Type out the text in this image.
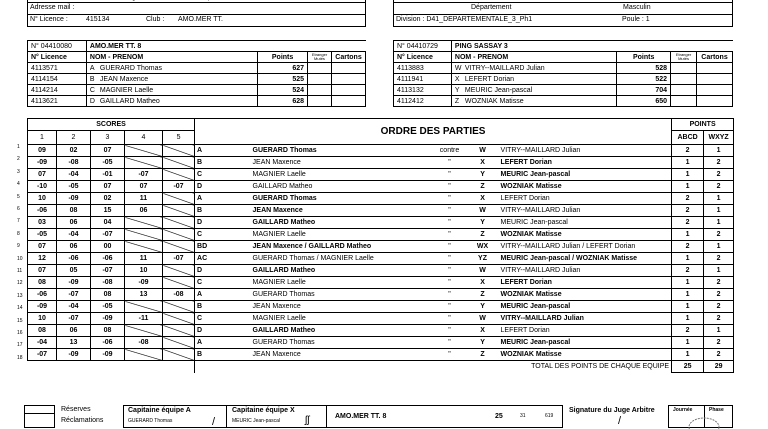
Adresse mail :
N° Licence :	415134	Club : AMO.MER TT.
Département	Masculin
Division : D41_DEPARTEMENTALE_3_Ph1	Poule : 1
N° 04410080	AMO.MER TT. 8			
N° Licence	NOM - PRENOM	Points	Etranger Mutés	Cartons
4113571	A GUERARD Thomas	627		
4114154	B JEAN Maxence	525		
4114214	C MAGNIER Laelle	524		
4113621	D GAILLARD Matheo	628		
N° 04410729	PING SASSAY 3			
N° Licence	NOM - PRENOM	Points	Etranger Mutés	Cartons
4113883	W VITRY--MAILLARD Julian	528		
4111941	X LEFERT Dorian	522		
4113132	Y MEURIC Jean-pascal	704		
4112412	Z WOZNIAK Matisse	650		
1
2
3
4
5
6
7
8
9
10
11
12
13
14
15
16
17
18
SCORES					ORDRE DES PARTIES					POINTS	
1	2	3	4	5						ABCD	WXYZ
09	02	07			A	GUERARD Thomas	contre	W	VITRY--MAILLARD Julian	2	1
-09	-08	-05			B	JEAN Maxence	"	X	LEFERT Dorian	1	2
07	-04	-01	-07		C	MAGNIER Laelle	"	Y	MEURIC Jean-pascal	1	2
-10	-05	07	07	-07	D	GAILLARD Matheo	"	Z	WOZNIAK Matisse	1	2
10	-09	02	11		A	GUERARD Thomas	"	X	LEFERT Dorian	2	1
-06	08	15	06		B	JEAN Maxence	"	W	VITRY--MAILLARD Julian	2	1
03	06	04			D	GAILLARD Matheo	"	Y	MEURIC Jean-pascal	2	1
-05	-04	-07			C	MAGNIER Laelle	"	Z	WOZNIAK Matisse	1	2
07	06	00			BD	JEAN Maxence / GAILLARD Matheo	"	WX	VITRY--MAILLARD Julian / LEFERT Dorian	2	1
12	-06	-06	11	-07	AC	GUERARD Thomas / MAGNIER Laelle	"	YZ	MEURIC Jean-pascal / WOZNIAK Matisse	1	2
07	05	-07	10		D	GAILLARD Matheo	"	W	VITRY--MAILLARD Julian	2	1
08	-09	-08	-09		C	MAGNIER Laelle	"	X	LEFERT Dorian	1	2
-06	-07	08	13	-08	A	GUERARD Thomas	"	Z	WOZNIAK Matisse	1	2
-09	-04	-05			B	JEAN Maxence	"	Y	MEURIC Jean-pascal	1	2
10	-07	-09	-11		C	MAGNIER Laelle	"	W	VITRY--MAILLARD Julian	1	2
08	06	08			D	GAILLARD Matheo	"	X	LEFERT Dorian	2	1
-04	13	-06	-08		A	GUERARD Thomas	"	Y	MEURIC Jean-pascal	1	2
-07	-09	-09			B	JEAN Maxence	"	Z	WOZNIAK Matisse	1	2
					TOTAL DES POINTS DE CHAQUE EQUIPE					25	29
Réserves
Réclamations
Capitaine équipe A
GUERARD Thomas	/
Capitaine équipe X
MEURIC Jean-pascal ʃʃ	AMO.MER TT. 8	25	31	619
Signature du Juge Arbitre
/
Journée	Phase
